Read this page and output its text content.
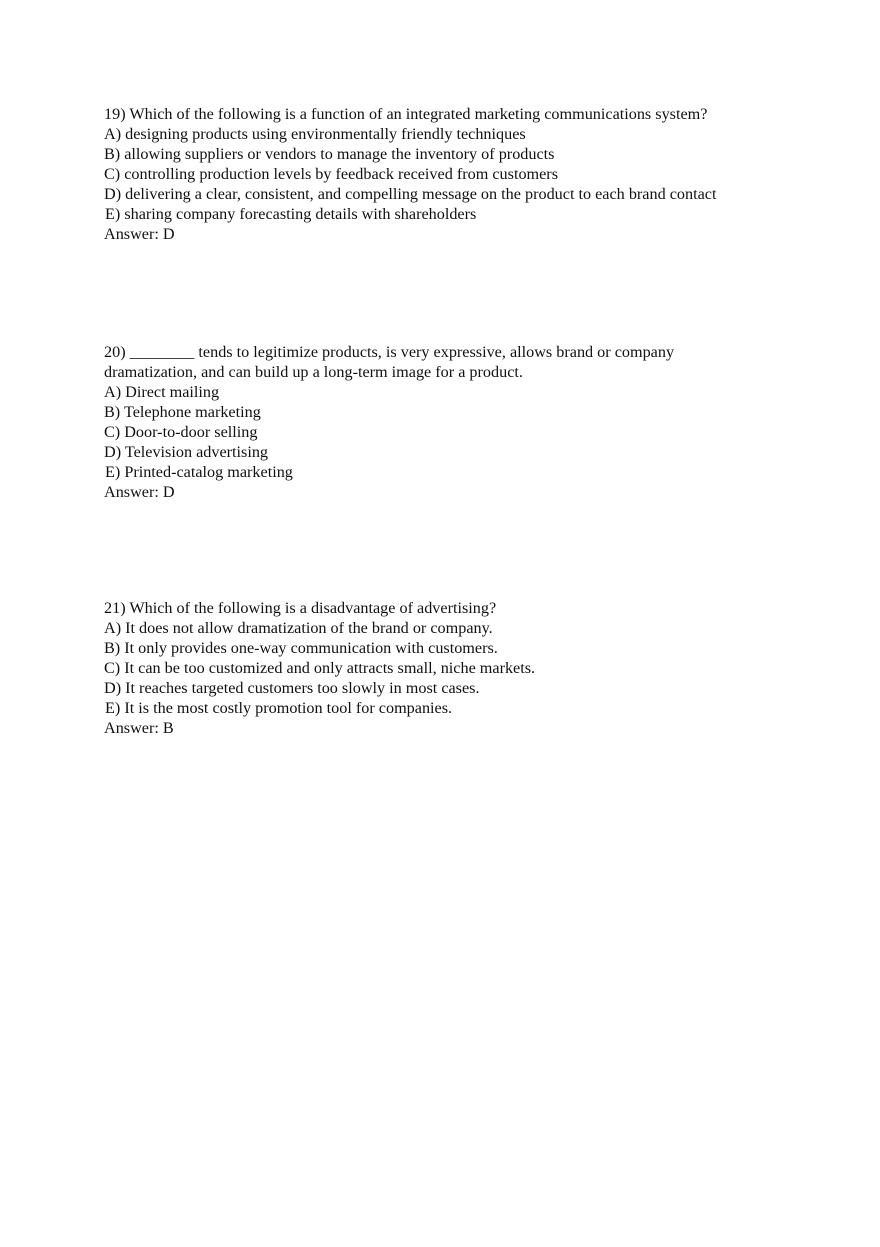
19) Which of the following is a function of an integrated marketing communications system?
A) designing products using environmentally friendly techniques
B) allowing suppliers or vendors to manage the inventory of products
C) controlling production levels by feedback received from customers
D) delivering a clear, consistent, and compelling message on the product to each brand contact
E) sharing company forecasting details with shareholders
Answer: D
20) ________ tends to legitimize products, is very expressive, allows brand or company dramatization, and can build up a long-term image for a product.
A) Direct mailing
B) Telephone marketing
C) Door-to-door selling
D) Television advertising
E) Printed-catalog marketing
Answer: D
21) Which of the following is a disadvantage of advertising?
A) It does not allow dramatization of the brand or company.
B) It only provides one-way communication with customers.
C) It can be too customized and only attracts small, niche markets.
D) It reaches targeted customers too slowly in most cases.
E) It is the most costly promotion tool for companies.
Answer: B
